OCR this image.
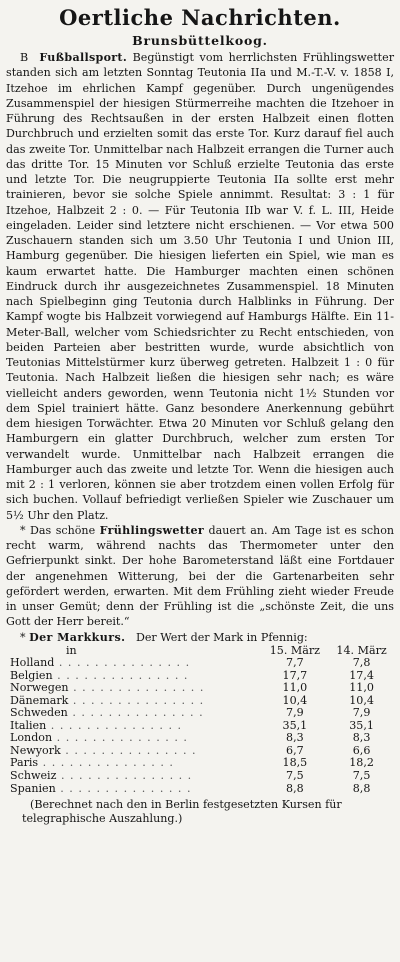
Oertliche Nachrichten.
Brunsbüttelkoog.

B Fußballsport. Begünstigt vom herrlichsten Frühlingswetter standen sich am letzten Sonntag Teutonia IIa und M.-T.-V. v. 1858 I, Itzehoe im ehrlichen Kampf gegenüber. Durch ungenügendes Zusammenspiel der hiesigen Stürmerreihe machten die Itzehoer in Führung des Rechtsaußen in der ersten Halbzeit einen flotten Durchbruch und erzielten somit das erste Tor. Kurz darauf fiel auch das zweite Tor. Unmittelbar nach Halbzeit errangen die Turner auch das dritte Tor. 15 Minuten vor Schluß erzielte Teutonia das erste und letzte Tor. Die neugruppierte Teutonia IIa sollte erst mehr trainieren, bevor sie solche Spiele annimmt. Resultat: 3 : 1 für Itzehoe, Halbzeit 2 : 0. — Für Teutonia IIb war V. f. L. III, Heide eingeladen. Leider sind letztere nicht erschienen. — Vor etwa 500 Zuschauern standen sich um 3.50 Uhr Teutonia I und Union III, Hamburg gegenüber. Die hiesigen lieferten ein Spiel, wie man es kaum erwartet hatte. Die Hamburger machten einen schönen Eindruck durch ihr ausgezeichnetes Zusammenspiel. 18 Minuten nach Spielbeginn ging Teutonia durch Halblinks in Führung. Der Kampf wogte bis Halbzeit vorwiegend auf Hamburgs Hälfte. Ein 11-Meter-Ball, welcher vom Schiedsrichter zu Recht entschieden, von beiden Parteien aber bestritten wurde, wurde absichtlich von Teutonias Mittelstürmer kurz überweg getreten. Halbzeit 1 : 0 für Teutonia. Nach Halbzeit ließen die hiesigen sehr nach; es wäre vielleicht anders geworden, wenn Teutonia nicht 1½ Stunden vor dem Spiel trainiert hätte. Ganz besondere Anerkennung gebührt dem hiesigen Torwächter. Etwa 20 Minuten vor Schluß gelang den Hamburgern ein glatter Durchbruch, welcher zum ersten Tor verwandelt wurde. Unmittelbar nach Halbzeit errangen die Hamburger auch das zweite und letzte Tor. Wenn die hiesigen auch mit 2 : 1 verloren, können sie aber trotzdem einen vollen Erfolg für sich buchen. Vollauf befriedigt verließen Spieler wie Zuschauer um 5½ Uhr den Platz.

* Das schöne Frühlingswetter dauert an. Am Tage ist es schon recht warm, während nachts das Thermometer unter den Gefrierpunkt sinkt. Der hohe Barometerstand läßt eine Fortdauer der angenehmen Witterung, bei der die Gartenarbeiten sehr gefördert werden, erwarten. Mit dem Frühling zieht wieder Freude in unser Gemüt; denn der Frühling ist die „schönste Zeit, die uns Gott der Herr bereit.“

* Der Markkurs. Der Wert der Mark in Pfennig:

in	15. März	14. März
Holland . . . . . . . . . . . . . . .	7,7	7,8
Belgien . . . . . . . . . . . . . . .	17,7	17,4
Norwegen . . . . . . . . . . . . . . .	11,0	11,0
Dänemark . . . . . . . . . . . . . . .	10,4	10,4
Schweden . . . . . . . . . . . . . . .	7,9	7,9
Italien . . . . . . . . . . . . . . .	35,1	35,1
London . . . . . . . . . . . . . . .	8,3	8,3
Newyork . . . . . . . . . . . . . . .	6,7	6,6
Paris . . . . . . . . . . . . . . .	18,5	18,2
Schweiz . . . . . . . . . . . . . . .	7,5	7,5
Spanien . . . . . . . . . . . . . . .	8,8	8,8

(Berechnet nach den in Berlin festgesetzten Kursen für telegraphische Auszahlung.)
